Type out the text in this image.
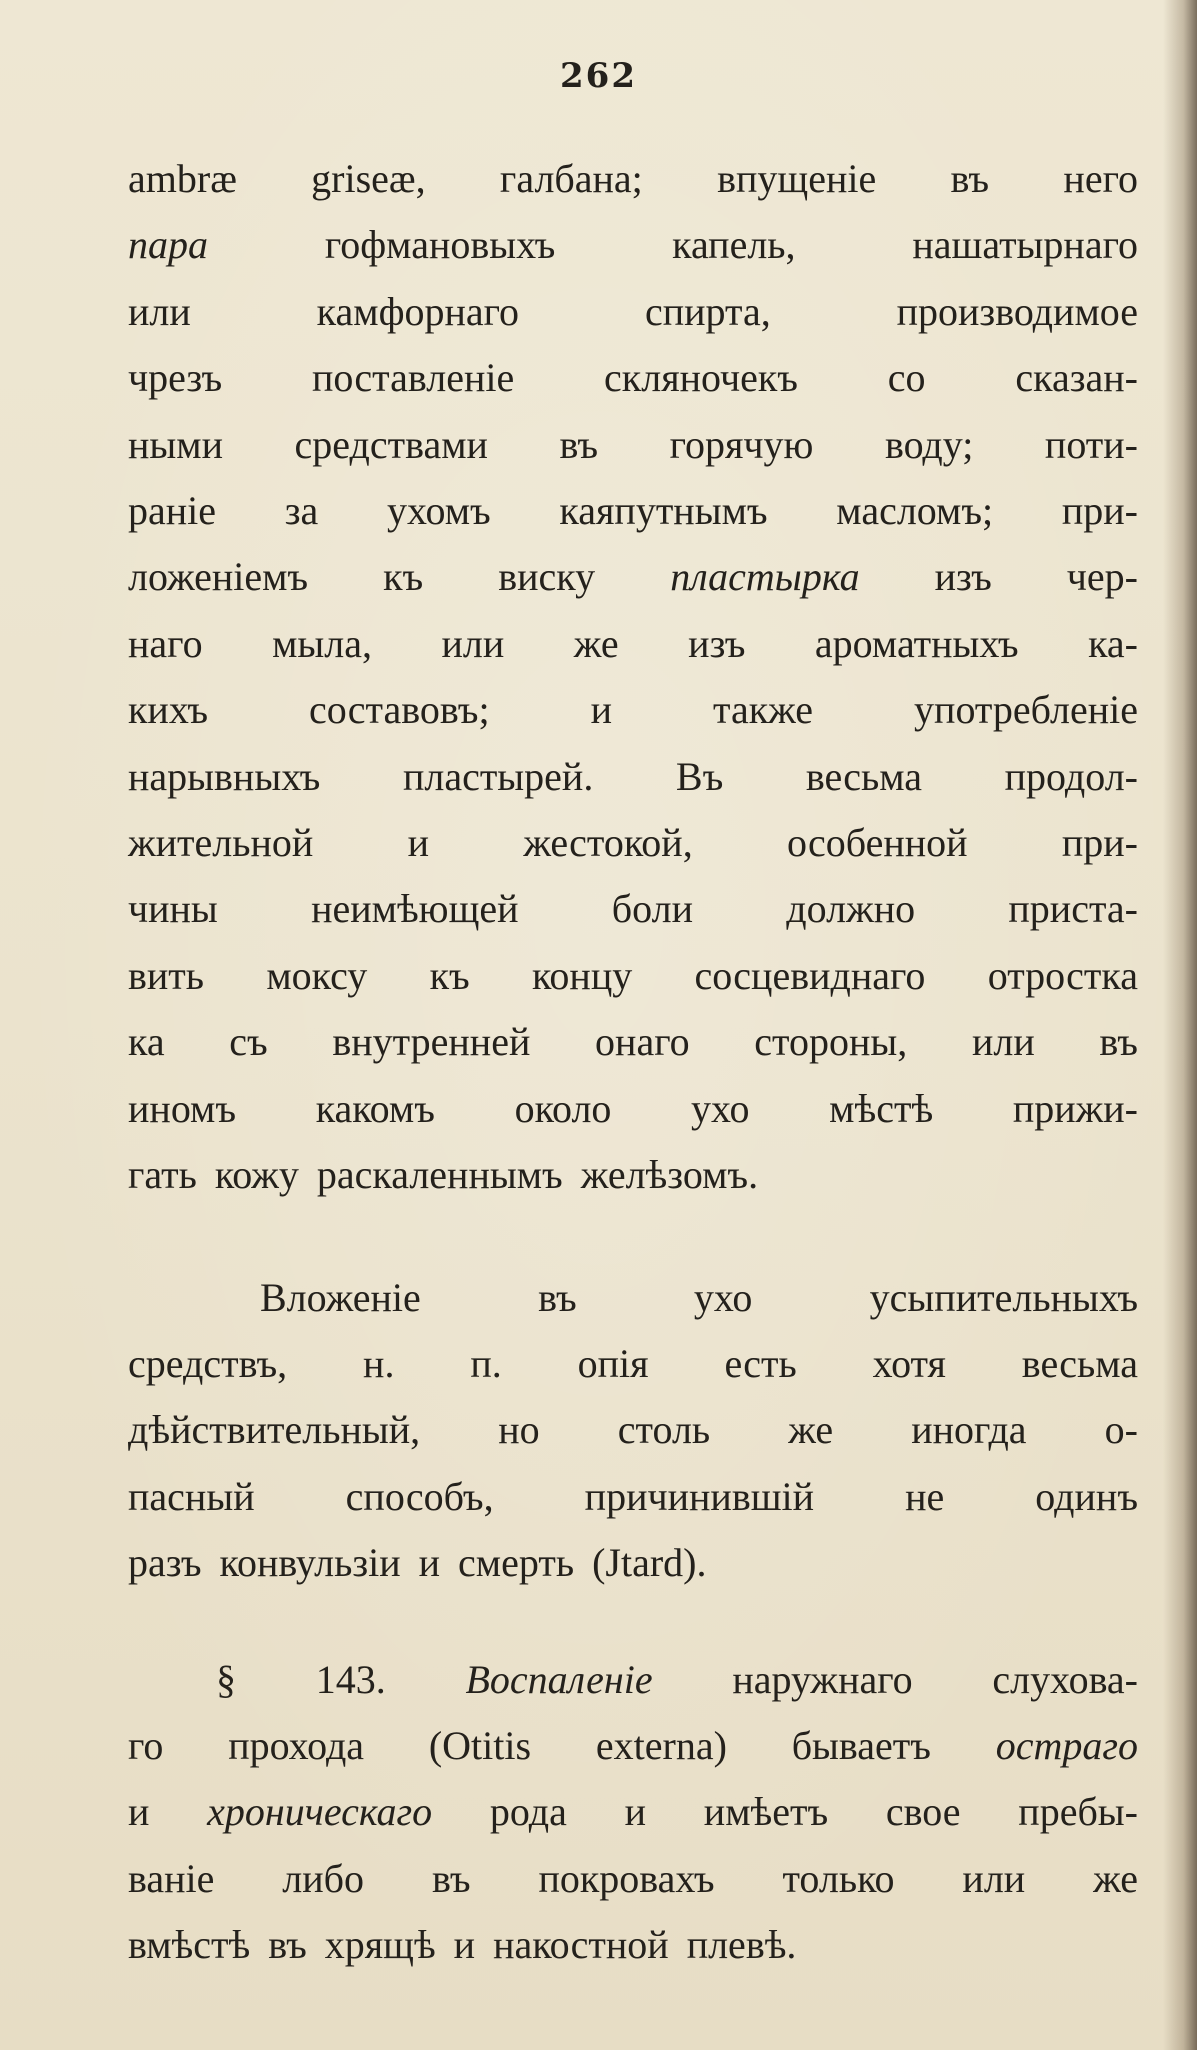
262

ambræ griseæ, галбана; впущеніе въ него
пара гофмановыхъ капель, нашатырнаго
или камфорнаго спирта, производимое
чрезъ поставленіе скляночекъ со сказан-
ными средствами въ горячую воду; поти-
раніе за ухомъ каяпутнымъ масломъ; при-
ложеніемъ къ виску пластырка изъ чер-
наго мыла, или же изъ ароматныхъ ка-
кихъ составовъ; и также употребленіе
нарывныхъ пластырей. Въ весьма продол-
жительной и жестокой, особенной при-
чины неимѣющей боли должно приста-
вить моксу къ концу сосцевиднаго отростка
ка съ внутренней онаго стороны, или въ
иномъ какомъ около ухо мѣстѣ прижи-
гать кожу раскаленнымъ желѣзомъ.

Вложеніе въ ухо усыпительныхъ
средствъ, н. п. опія есть хотя весьма
дѣйствительный, но столь же иногда о-
пасный способъ, причинившій не одинъ
разъ конвульзіи и смерть (Jtard).

§ 143. Воспаленіе наружнаго слухова-
го прохода (Otitis externa) бываетъ остраго
и хроническаго рода и имѣетъ свое пребы-
ваніе либо въ покровахъ только или же
вмѣстѣ въ хрящѣ и накостной плевѣ.
